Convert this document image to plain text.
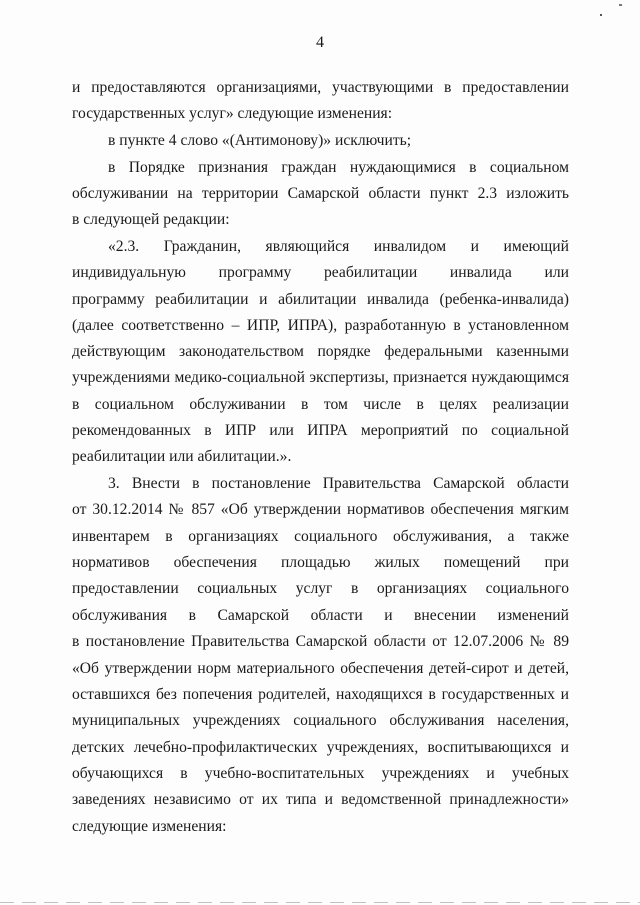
4
и предоставляются организациями, участвующими в предоставлении
государственных услуг» следующие изменения:
в пункте 4 слово «(Антимонову)» исключить;
в Порядке признания граждан нуждающимися в социальном
обслуживании на территории Самарской области пункт 2.3 изложить
в следующей редакции:
«2.3. Гражданин, являющийся инвалидом и имеющий
индивидуальную программу реабилитации инвалида или
программу реабилитации и абилитации инвалида (ребенка-инвалида)
(далее соответственно – ИПР, ИПРА), разработанную в установленном
действующим законодательством порядке федеральными казенными
учреждениями медико-социальной экспертизы, признается нуждающимся
в социальном обслуживании в том числе в целях реализации
рекомендованных в ИПР или ИПРА мероприятий по социальной
реабилитации или абилитации.».
3. Внести в постановление Правительства Самарской области
от 30.12.2014 № 857 «Об утверждении нормативов обеспечения мягким
инвентарем в организациях социального обслуживания, а также
нормативов обеспечения площадью жилых помещений при
предоставлении социальных услуг в организациях социального
обслуживания в Самарской области и внесении изменений
в постановление Правительства Самарской области от 12.07.2006 № 89
«Об утверждении норм материального обеспечения детей-сирот и детей,
оставшихся без попечения родителей, находящихся в государственных и
муниципальных учреждениях социального обслуживания населения,
детских лечебно-профилактических учреждениях, воспитывающихся и
обучающихся в учебно-воспитательных учреждениях и учебных
заведениях независимо от их типа и ведомственной принадлежности»
следующие изменения:
